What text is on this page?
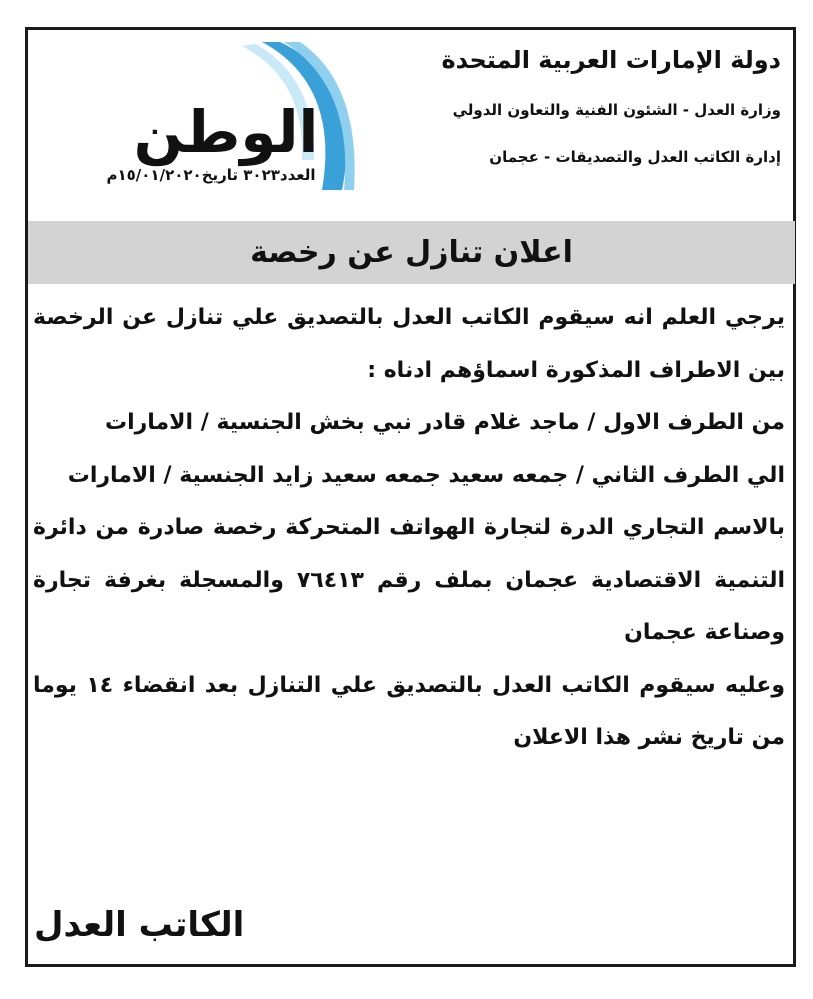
دولة الإمارات العربية المتحدة
وزارة العدل - الشئون الفنية والتعاون الدولي
إدارة الكاتب العدل والتصديقات - عجمان
الوطن
العدد٣٠٢٣ تاريخ١٥/٠١/٢٠٢٠م
اعلان تنازل عن رخصة

يرجي العلم انه سيقوم الكاتب العدل بالتصديق علي تنازل عن الرخصة بين الاطراف المذكورة اسماؤهم ادناه :

من الطرف الاول / ماجد غلام قادر نبي بخش الجنسية / الامارات

الي الطرف الثاني / جمعه سعيد جمعه سعيد زايد الجنسية / الامارات

بالاسم التجاري الدرة لتجارة الهواتف المتحركة رخصة صادرة من دائرة التنمية الاقتصادية عجمان بملف رقم ٧٦٤١٣ والمسجلة بغرفة تجارة وصناعة عجمان

وعليه سيقوم الكاتب العدل بالتصديق علي التنازل بعد انقضاء ١٤ يوما من تاريخ نشر هذا الاعلان

الكاتب العدل
